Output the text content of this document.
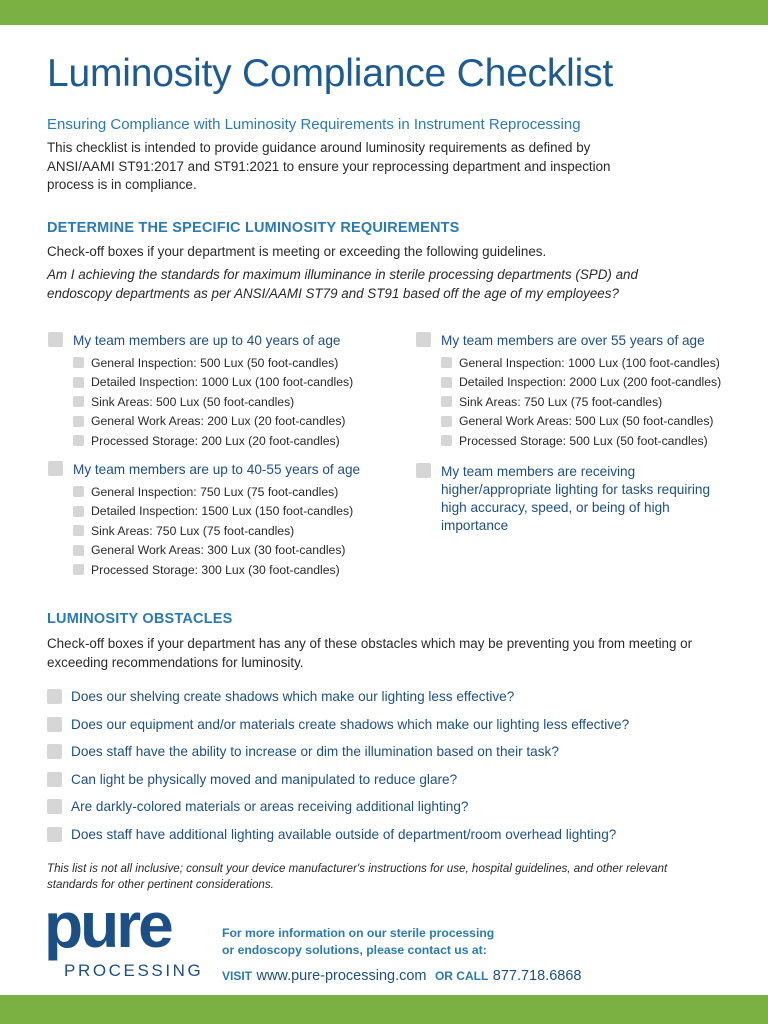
Luminosity Compliance Checklist
Ensuring Compliance with Luminosity Requirements in Instrument Reprocessing
This checklist is intended to provide guidance around luminosity requirements as defined by ANSI/AAMI ST91:2017 and ST91:2021 to ensure your reprocessing department and inspection process is in compliance.
DETERMINE THE SPECIFIC LUMINOSITY REQUIREMENTS
Check-off boxes if your department is meeting or exceeding the following guidelines.
Am I achieving the standards for maximum illuminance in sterile processing departments (SPD) and endoscopy departments as per ANSI/AAMI ST79 and ST91 based off the age of my employees?
My team members are up to 40 years of age
General Inspection: 500 Lux (50 foot-candles)
Detailed Inspection: 1000 Lux (100 foot-candles)
Sink Areas: 500 Lux (50 foot-candles)
General Work Areas: 200 Lux (20 foot-candles)
Processed Storage: 200 Lux (20 foot-candles)
My team members are up to 40-55 years of age
General Inspection: 750 Lux (75 foot-candles)
Detailed Inspection: 1500 Lux (150 foot-candles)
Sink Areas: 750 Lux (75 foot-candles)
General Work Areas: 300 Lux (30 foot-candles)
Processed Storage: 300 Lux (30 foot-candles)
My team members are over 55 years of age
General Inspection: 1000 Lux (100 foot-candles)
Detailed Inspection: 2000 Lux (200 foot-candles)
Sink Areas: 750 Lux (75 foot-candles)
General Work Areas: 500 Lux (50 foot-candles)
Processed Storage: 500 Lux (50 foot-candles)
My team members are receiving higher/appropriate lighting for tasks requiring high accuracy, speed, or being of high importance
LUMINOSITY OBSTACLES
Check-off boxes if your department has any of these obstacles which may be preventing you from meeting or exceeding recommendations for luminosity.
Does our shelving create shadows which make our lighting less effective?
Does our equipment and/or materials create shadows which make our lighting less effective?
Does staff have the ability to increase or dim the illumination based on their task?
Can light be physically moved and manipulated to reduce glare?
Are darkly-colored materials or areas receiving additional lighting?
Does staff have additional lighting available outside of department/room overhead lighting?
This list is not all inclusive; consult your device manufacturer's instructions for use, hospital guidelines, and other relevant standards for other pertinent considerations.
pure
PROCESSING
For more information on our sterile processing
or endoscopy solutions, please contact us at:
VISIT www.pure-processing.com OR CALL 877.718.6868
